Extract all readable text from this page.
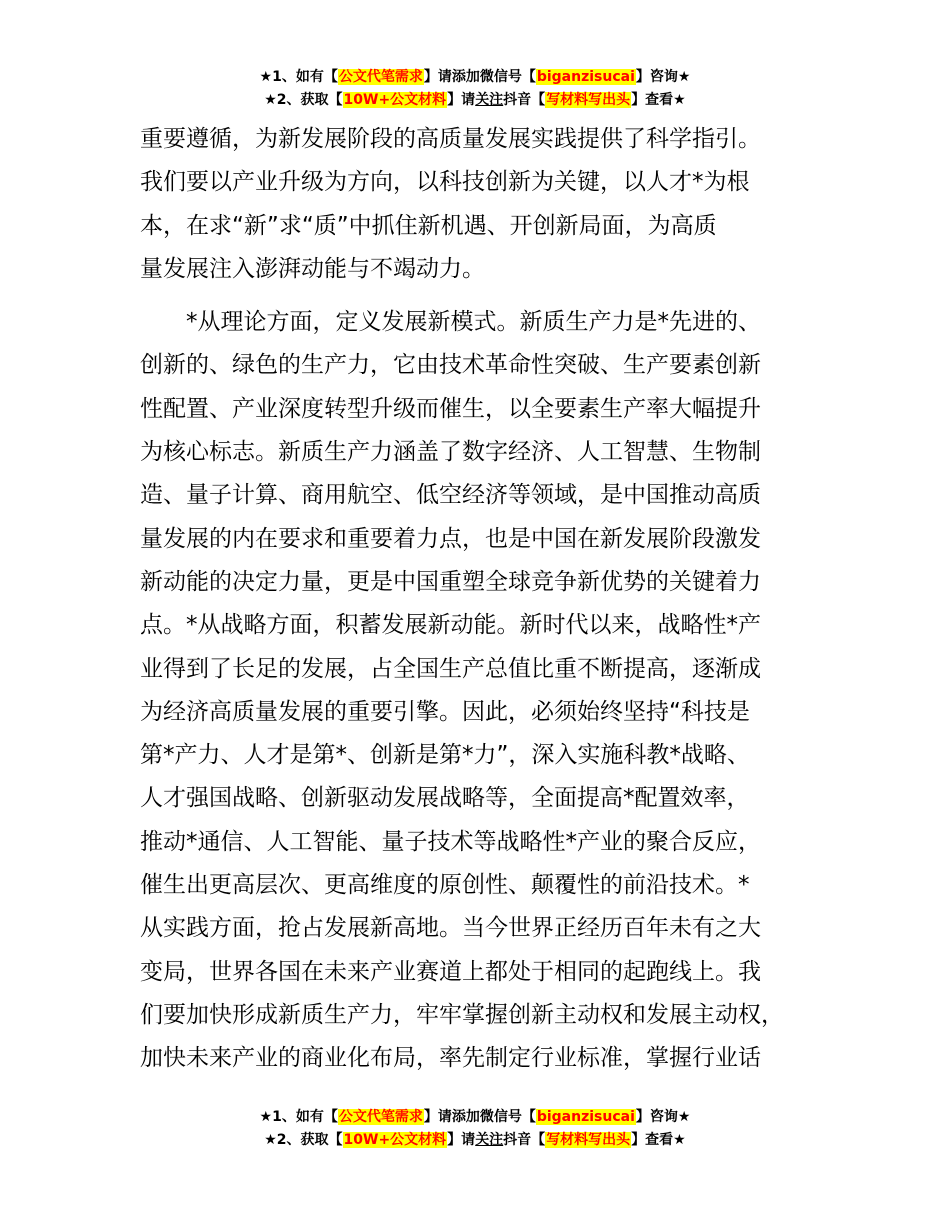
★1、如有【公文代笔需求】请添加微信号【biganzisucai】咨询★
★2、获取【10W+公文材料】请关注抖音【写材料写出头】查看★
重要遵循，为新发展阶段的高质量发展实践提供了科学指引。
我们要以产业升级为方向，以科技创新为关键，以人才*为根
本，在求“新”求“质”中抓住新机遇、开创新局面，为高质
量发展注入澎湃动能与不竭动力。
　　*从理论方面，定义发展新模式。新质生产力是*先进的、
创新的、绿色的生产力，它由技术革命性突破、生产要素创新
性配置、产业深度转型升级而催生，以全要素生产率大幅提升
为核心标志。新质生产力涵盖了数字经济、人工智慧、生物制
造、量子计算、商用航空、低空经济等领域，是中国推动高质
量发展的内在要求和重要着力点，也是中国在新发展阶段激发
新动能的决定力量，更是中国重塑全球竞争新优势的关键着力
点。*从战略方面，积蓄发展新动能。新时代以来，战略性*产
业得到了长足的发展，占全国生产总值比重不断提高，逐渐成
为经济高质量发展的重要引擎。因此，必须始终坚持“科技是
第*产力、人才是第*、创新是第*力”，深入实施科教*战略、
人才强国战略、创新驱动发展战略等，全面提高*配置效率，
推动*通信、人工智能、量子技术等战略性*产业的聚合反应，
催生出更高层次、更高维度的原创性、颠覆性的前沿技术。*
从实践方面，抢占发展新高地。当今世界正经历百年未有之大
变局，世界各国在未来产业赛道上都处于相同的起跑线上。我
们要加快形成新质生产力，牢牢掌握创新主动权和发展主动权，
加快未来产业的商业化布局，率先制定行业标准，掌握行业话
★1、如有【公文代笔需求】请添加微信号【biganzisucai】咨询★
★2、获取【10W+公文材料】请关注抖音【写材料写出头】查看★
